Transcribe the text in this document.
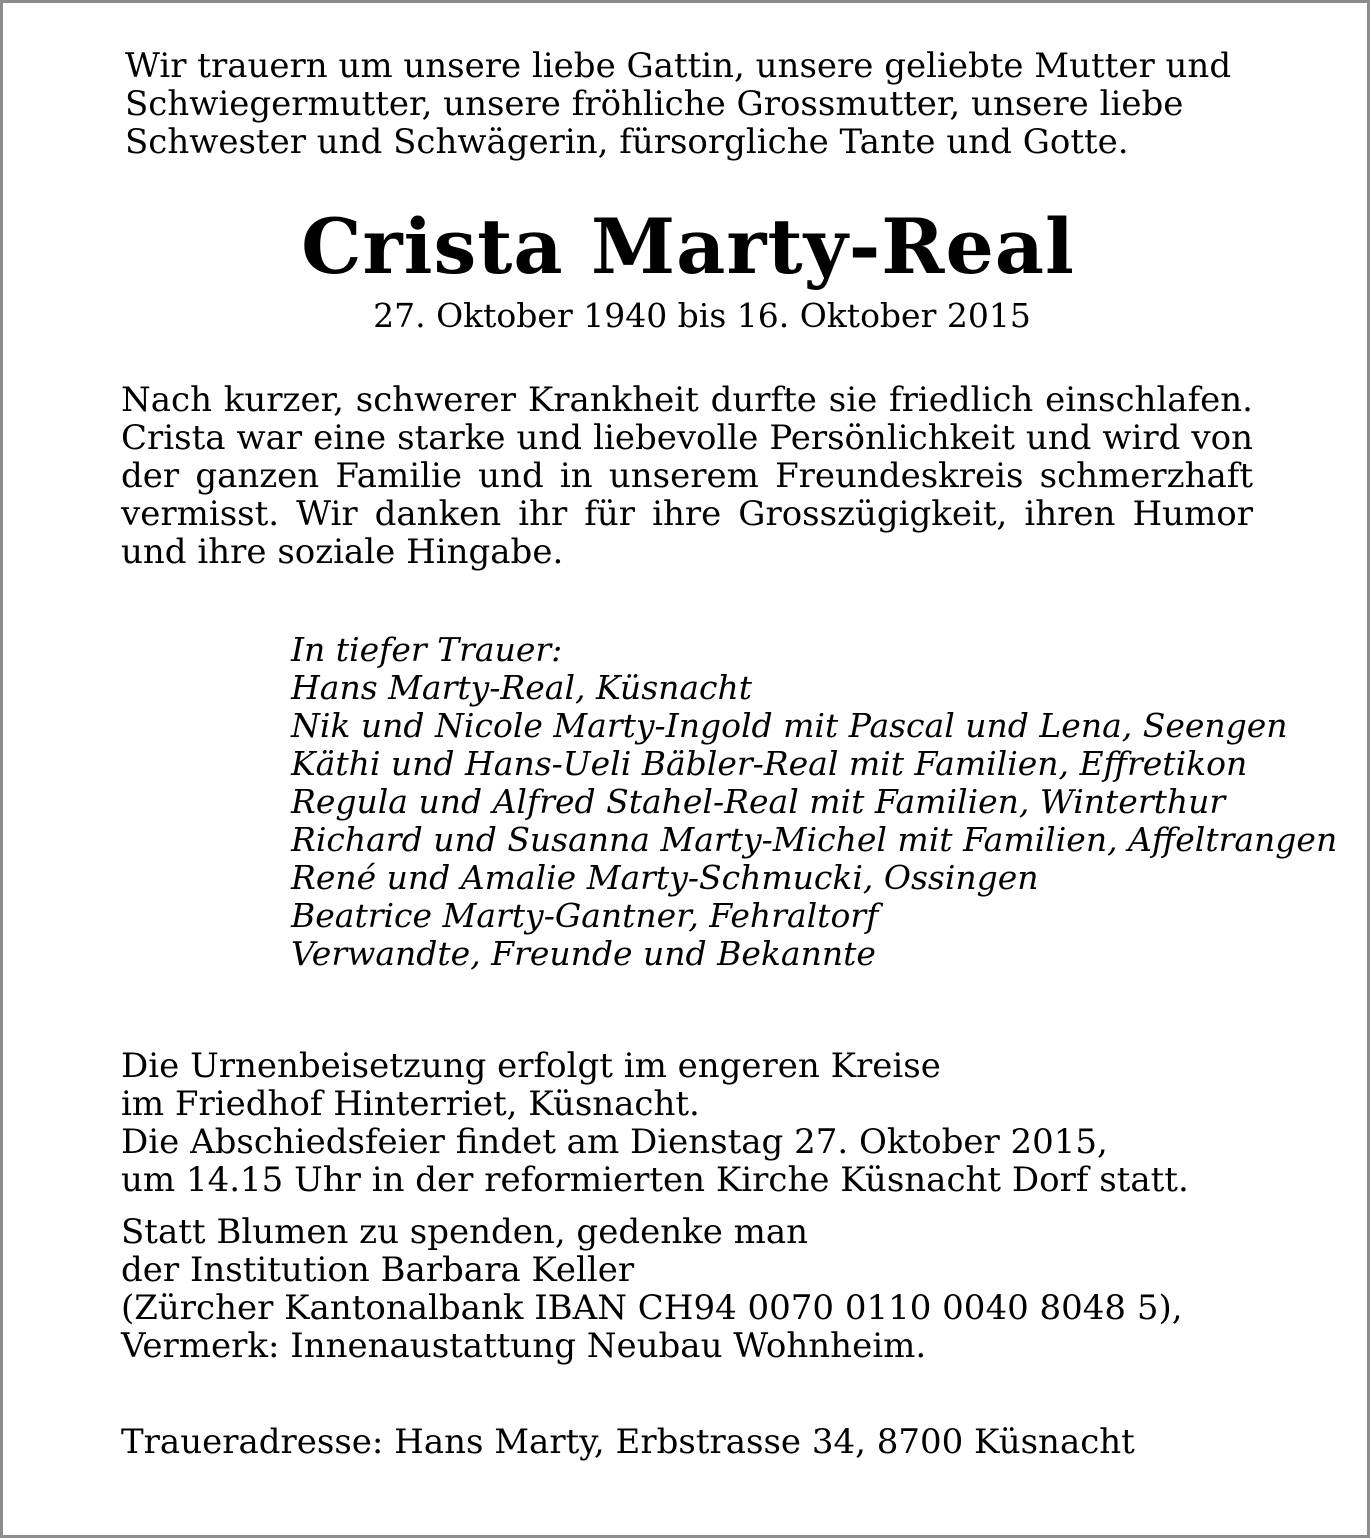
Wir trauern um unsere liebe Gattin, unsere geliebte Mutter und
Schwiegermutter, unsere fröhliche Grossmutter, unsere liebe
Schwester und Schwägerin, fürsorgliche Tante und Gotte.

Crista Marty-Real
27. Oktober 1940 bis 16. Oktober 2015

Nach kurzer, schwerer Krankheit durfte sie friedlich einschlafen. Crista war eine starke und liebevolle Persönlichkeit und wird von der ganzen Familie und in unserem Freundeskreis schmerzhaft vermisst. Wir danken ihr für ihre Grosszügigkeit, ihren Humor und ihre soziale Hingabe.

In tiefer Trauer:
Hans Marty-Real, Küsnacht
Nik und Nicole Marty-Ingold mit Pascal und Lena, Seengen
Käthi und Hans-Ueli Bäbler-Real mit Familien, Effretikon
Regula und Alfred Stahel-Real mit Familien, Winterthur
Richard und Susanna Marty-Michel mit Familien, Affeltrangen
René und Amalie Marty-Schmucki, Ossingen
Beatrice Marty-Gantner, Fehraltorf
Verwandte, Freunde und Bekannte

Die Urnenbeisetzung erfolgt im engeren Kreise
im Friedhof Hinterriet, Küsnacht.
Die Abschiedsfeier findet am Dienstag 27. Oktober 2015,
um 14.15 Uhr in der reformierten Kirche Küsnacht Dorf statt.

Statt Blumen zu spenden, gedenke man
der Institution Barbara Keller
(Zürcher Kantonalbank IBAN CH94 0070 0110 0040 8048 5),
Vermerk: Innenaustattung Neubau Wohnheim.

Traueradresse: Hans Marty, Erbstrasse 34, 8700 Küsnacht
